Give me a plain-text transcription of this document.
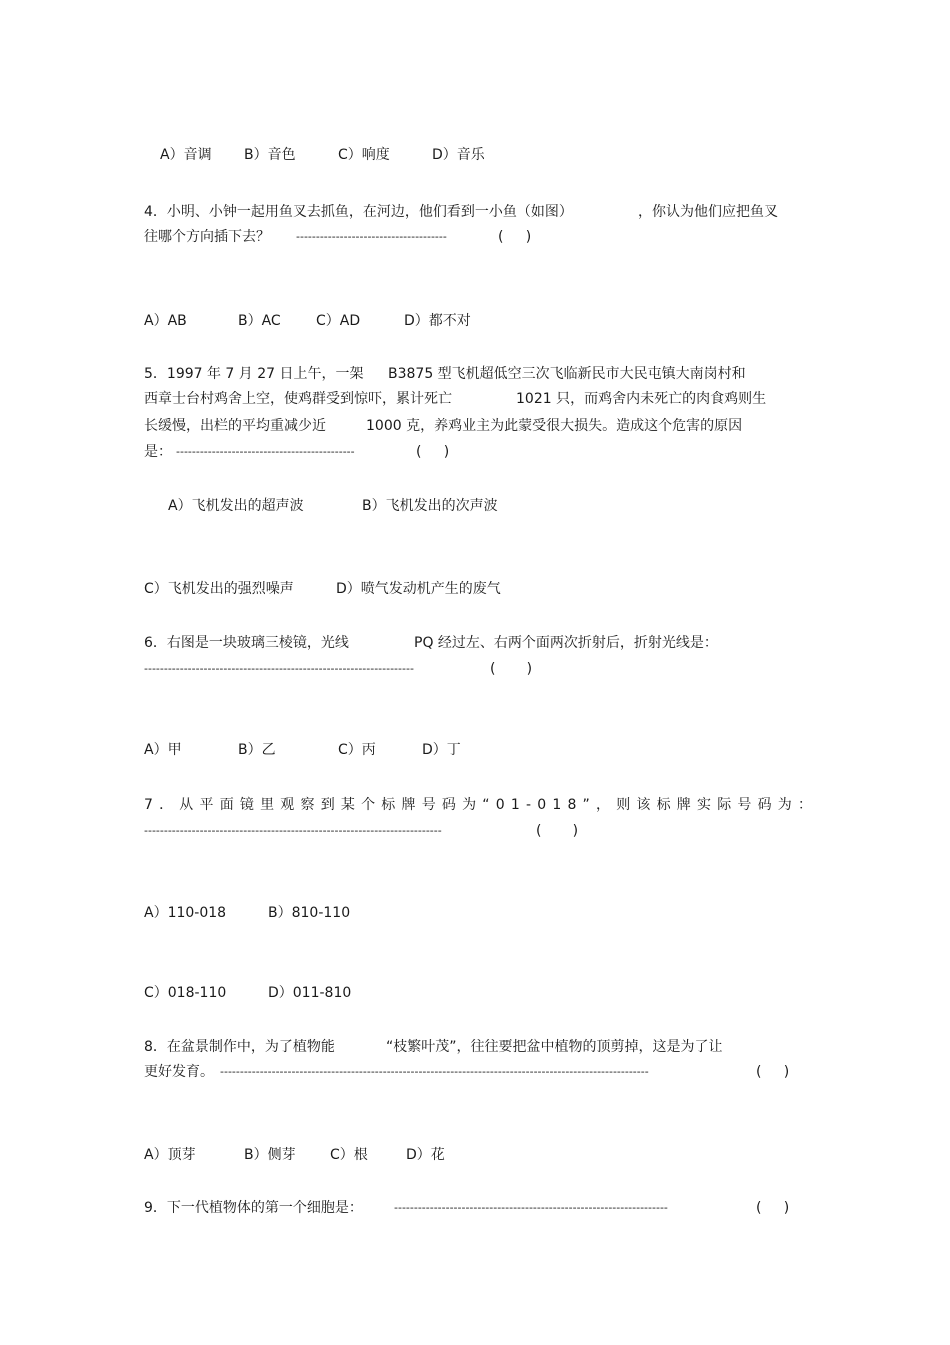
A）音调 B）音色	C）响度	D）音乐
4．小明、小钟一起用鱼叉去抓鱼，在河边，他们看到一小鱼（如图）	，你认为他们应把鱼叉
往哪个方向插下去？ --------------------------------------	(     )
A）AB	B）AC	C）AD	D）都不对
5．1997 年 7 月 27 日上午，一架 B3875 型飞机超低空三次飞临新民市大民屯镇大南岗村和
西章士台村鸡舍上空，使鸡群受到惊吓，累计死亡	1021 只，而鸡舍内未死亡的肉食鸡则生
长缓慢，出栏的平均重减少近	1000 克，养鸡业主为此蒙受很大损失。造成这个危害的原因
是： ---------------------------------------------	(     )
A）飞机发出的超声波	B）飞机发出的次声波
C）飞机发出的强烈噪声	D）喷气发动机产生的废气
6．右图是一块玻璃三棱镜，光线	PQ 经过左、右两个面两次折射后，折射光线是：
--------------------------------------------------------------------	(       )
A）甲	B）乙	C）丙	D）丁
7．从平面镜里观察到某个标牌号码为“01-018”，则该标牌实际号码为：
---------------------------------------------------------------------------	(       )
A）110-018	B）810-110
C）018-110	D）011-810
8．在盆景制作中，为了植物能	“枝繁叶茂”，往往要把盆中植物的顶剪掉，这是为了让
更好发育。 ------------------------------------------------------------------------------------------------------------	(     )
A）顶芽	B）侧芽 C）根	D）花
9．下一代植物体的第一个细胞是：	---------------------------------------------------------------------	(     )
